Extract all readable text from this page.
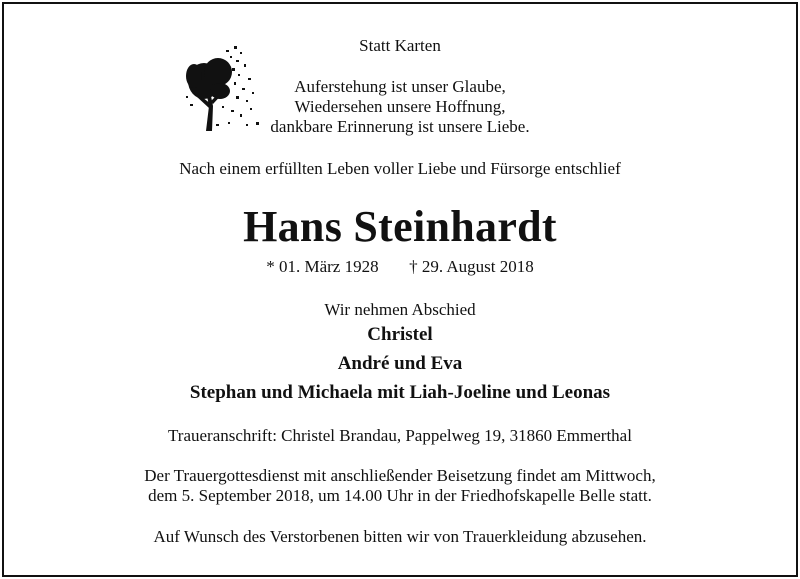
Statt Karten
Auferstehung ist unser Glaube,
Wiedersehen unsere Hoffnung,
dankbare Erinnerung ist unsere Liebe.
Nach einem erfüllten Leben voller Liebe und Fürsorge entschlief
Hans Steinhardt
* 01. März 1928 † 29. August 2018
Wir nehmen Abschied
Christel
André und Eva
Stephan und Michaela mit Liah-Joeline und Leonas
Traueranschrift: Christel Brandau, Pappelweg 19, 31860 Emmerthal
Der Trauergottesdienst mit anschließender Beisetzung findet am Mittwoch,
dem 5. September 2018, um 14.00 Uhr in der Friedhofskapelle Belle statt.
Auf Wunsch des Verstorbenen bitten wir von Trauerkleidung abzusehen.
